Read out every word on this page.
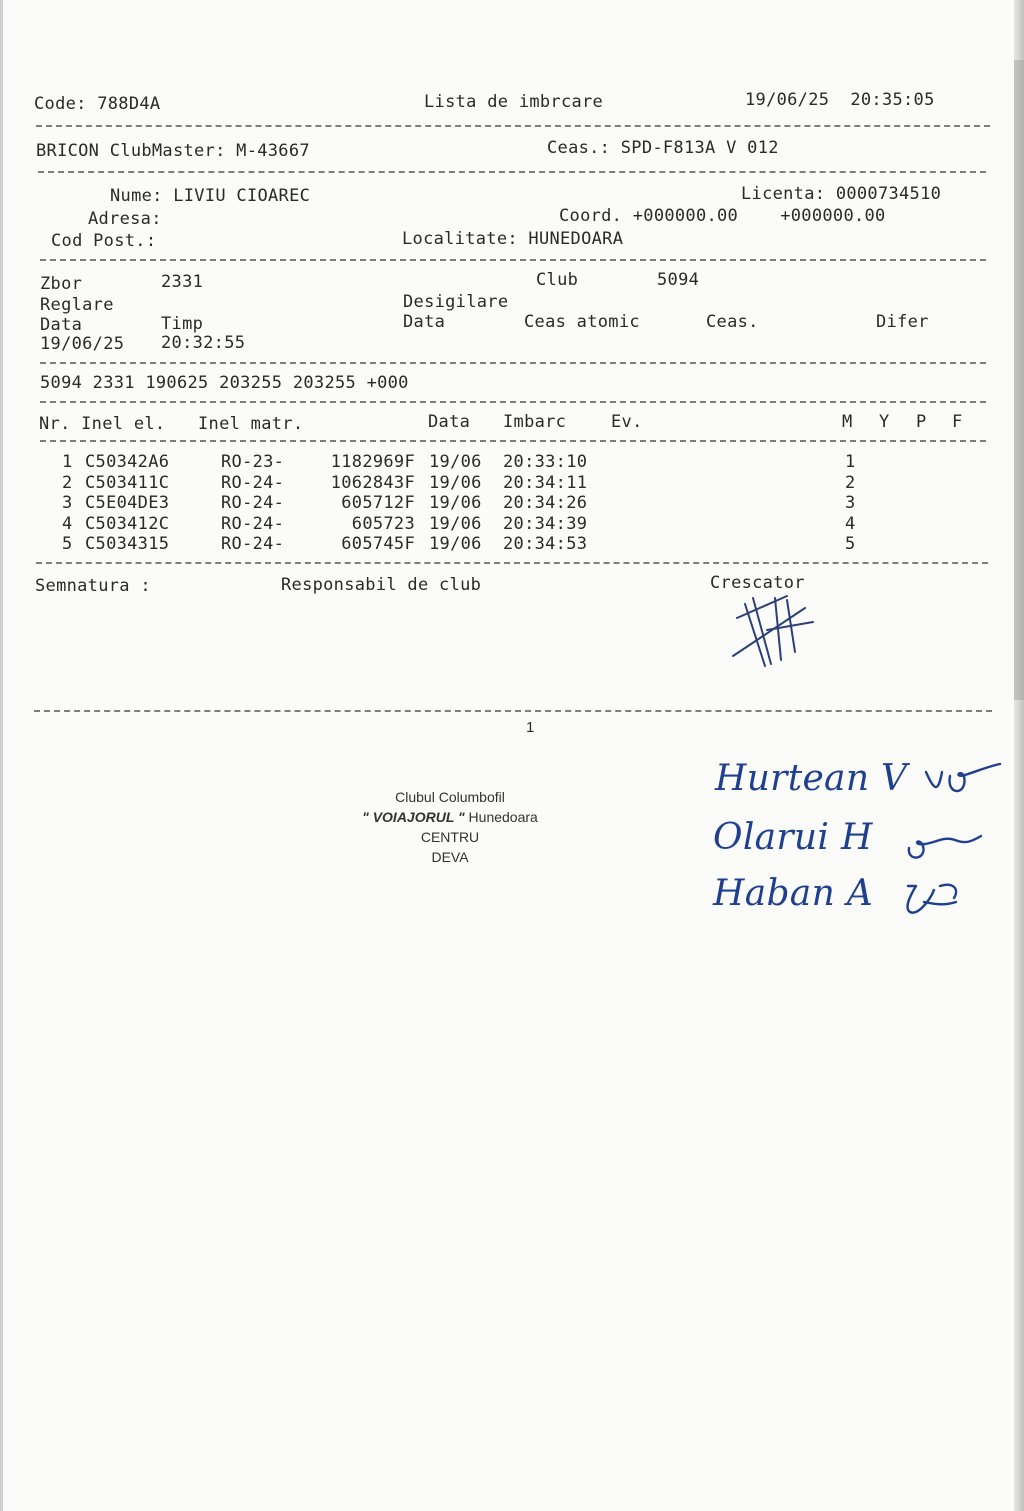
Code: 788D4A	Lista de imbrcare	19/06/25  20:35:05
BRICON ClubMaster: M-43667	Ceas.: SPD-F813A V 012
Nume: LIVIU CIOAREC	Licenta: 0000734510
Adresa:	Coord. +000000.00    +000000.00
Cod Post.:	Localitate: HUNEDOARA
Zbor	2331	Club	5094
Reglare	Desigilare
Data	Timp	Data	Ceas atomic	Ceas.	Difer
19/06/25 20:32:55
5094 2331 190625 203255 203255 +000
Nr. Inel el. Inel matr.	Data Imbarc	Ev.	M Y P F
1 C50342A6	RO-23-	1182969F 19/06 20:33:10	1
2 C503411C	RO-24-	1062843F 19/06 20:34:11	2
3 C5E04DE3	RO-24-	605712F 19/06 20:34:26	3
4 C503412C	RO-24-	605723 19/06 20:34:39	4
5 C5034315	RO-24-	605745F 19/06 20:34:53	5
Semnatura :	Responsabil de club	Crescator
1
Clubul Columbofil
" VOIAJORUL " Hunedoara
CENTRU
DEVA
Hurtean V
Olarui H
Haban A
